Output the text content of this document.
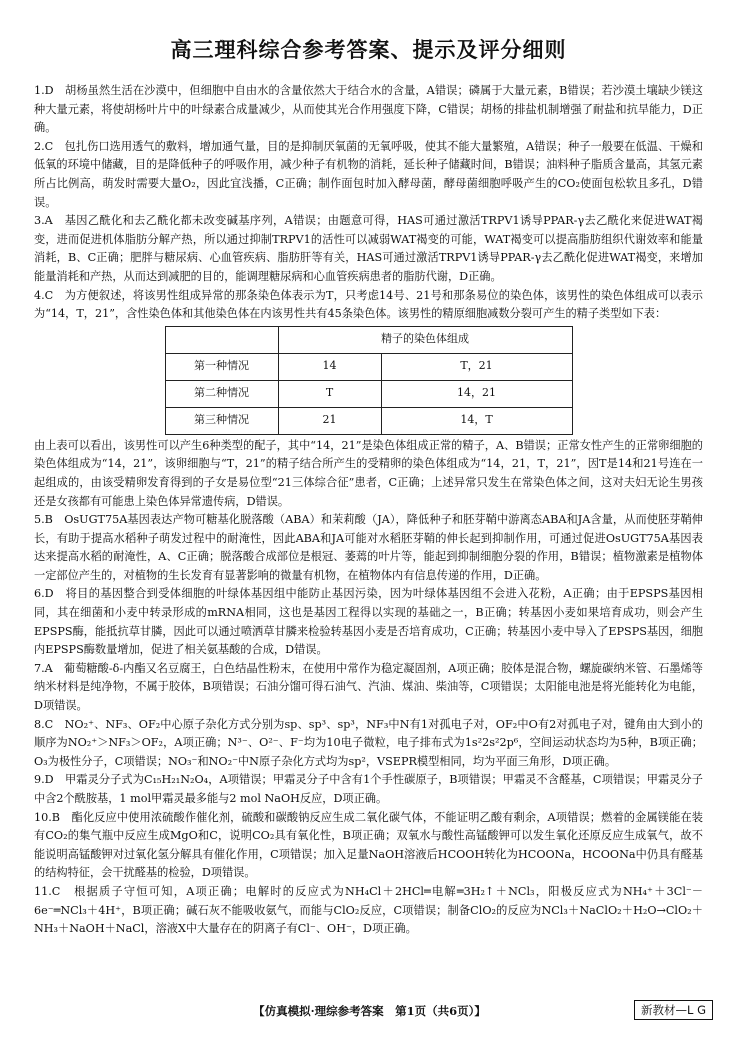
高三理科综合参考答案、提示及评分细则

1.D　胡杨虽然生活在沙漠中，但细胞中自由水的含量依然大于结合水的含量，A错误；磷属于大量元素，B错误；若沙漠土壤缺少镁这种大量元素，将使胡杨叶片中的叶绿素合成量减少，从而使其光合作用强度下降，C错误；胡杨的排盐机制增强了耐盐和抗旱能力，D正确。

2.C　包扎伤口选用透气的敷料，增加通气量，目的是抑制厌氧菌的无氧呼吸，使其不能大量繁殖，A错误；种子一般要在低温、干燥和低氧的环境中储藏，目的是降低种子的呼吸作用，减少种子有机物的消耗，延长种子储藏时间，B错误；油料种子脂质含量高，其氢元素所占比例高，萌发时需要大量O₂，因此宜浅播，C正确；制作面包时加入酵母菌，酵母菌细胞呼吸产生的CO₂使面包松软且多孔，D错误。

3.A　基因乙酰化和去乙酰化都未改变碱基序列，A错误；由题意可得，HAS可通过激活TRPV1诱导PPAR-γ去乙酰化来促进WAT褐变，进而促进机体脂肪分解产热，所以通过抑制TRPV1的活性可以减弱WAT褐变的可能，WAT褐变可以提高脂肪组织代谢效率和能量消耗，B、C正确；肥胖与糖尿病、心血管疾病、脂肪肝等有关，HAS可通过激活TRPV1诱导PPAR-γ去乙酰化促进WAT褐变，来增加能量消耗和产热，从而达到减肥的目的，能调理糖尿病和心血管疾病患者的脂肪代谢，D正确。

4.C　为方便叙述，将该男性组成异常的那条染色体表示为T，只考虑14号、21号和那条易位的染色体，该男性的染色体组成可以表示为“14，T，21”，含性染色体和其他染色体在内该男性共有45条染色体。该男性的精原细胞减数分裂可产生的精子类型如下表：

	精子的染色体组成	
第一种情况	14	T，21
第二种情况	T	14，21
第三种情况	21	14，T

由上表可以看出，该男性可以产生6种类型的配子，其中“14，21”是染色体组成正常的精子，A、B错误；正常女性产生的正常卵细胞的染色体组成为“14，21”，该卵细胞与“T，21”的精子结合所产生的受精卵的染色体组成为“14，21，T，21”，因T是14和21号连在一起组成的，由该受精卵发育得到的子女是易位型“21三体综合征”患者，C正确；上述异常只发生在常染色体之间，这对夫妇无论生男孩还是女孩都有可能患上染色体异常遗传病，D错误。

5.B　OsUGT75A基因表达产物可糖基化脱落酸（ABA）和茉莉酸（JA），降低种子和胚芽鞘中游离态ABA和JA含量，从而使胚芽鞘伸长，有助于提高水稻种子萌发过程中的耐淹性，因此ABA和JA可能对水稻胚芽鞘的伸长起到抑制作用，可通过促进OsUGT75A基因表达来提高水稻的耐淹性，A、C正确；脱落酸合成部位是根冠、萎蔫的叶片等，能起到抑制细胞分裂的作用，B错误；植物激素是植物体一定部位产生的，对植物的生长发育有显著影响的微量有机物，在植物体内有信息传递的作用，D正确。

6.D　将目的基因整合到受体细胞的叶绿体基因组中能防止基因污染，因为叶绿体基因组不会进入花粉，A正确；由于EPSPS基因相同，其在细菌和小麦中转录形成的mRNA相同，这也是基因工程得以实现的基础之一，B正确；转基因小麦如果培育成功，则会产生EPSPS酶，能抵抗草甘膦，因此可以通过喷洒草甘膦来检验转基因小麦是否培育成功，C正确；转基因小麦中导入了EPSPS基因，细胞内EPSPS酶数量增加，促进了相关氨基酸的合成，D错误。

7.A　葡萄糖酸-δ-内酯又名豆腐王，白色结晶性粉末，在使用中常作为稳定凝固剂，A项正确；胶体是混合物，螺旋碳纳米管、石墨烯等纳米材料是纯净物，不属于胶体，B项错误；石油分馏可得石油气、汽油、煤油、柴油等，C项错误；太阳能电池是将光能转化为电能，D项错误。

8.C　NO₂⁺、NF₃、OF₂中心原子杂化方式分别为sp、sp³、sp³，NF₃中N有1对孤电子对，OF₂中O有2对孤电子对，键角由大到小的顺序为NO₂⁺＞NF₃＞OF₂，A项正确；N³⁻、O²⁻、F⁻均为10电子微粒，电子排布式为1s²2s²2p⁶，空间运动状态均为5种，B项正确；O₃为极性分子，C项错误；NO₃⁻和NO₂⁻中N原子杂化方式均为sp²，VSEPR模型相同，均为平面三角形，D项正确。

9.D　甲霜灵分子式为C₁₅H₂₁N₂O₄，A项错误；甲霜灵分子中含有1个手性碳原子，B项错误；甲霜灵不含醛基，C项错误；甲霜灵分子中含2个酰胺基，1 mol甲霜灵最多能与2 mol NaOH反应，D项正确。

10.B　酯化反应中使用浓硫酸作催化剂，硫酸和碳酸钠反应生成二氧化碳气体，不能证明乙酸有剩余，A项错误；燃着的金属镁能在装有CO₂的集气瓶中反应生成MgO和C，说明CO₂具有氧化性，B项正确；双氧水与酸性高锰酸钾可以发生氧化还原反应生成氧气，故不能说明高锰酸钾对过氧化氢分解具有催化作用，C项错误；加入足量NaOH溶液后HCOOH转化为HCOONa，HCOONa中仍具有醛基的结构特征，会干扰醛基的检验，D项错误。

11.C　根据质子守恒可知，A项正确；电解时的反应式为NH₄Cl＋2HCl═电解═3H₂↑＋NCl₃，阳极反应式为NH₄⁺＋3Cl⁻－6e⁻═NCl₃＋4H⁺，B项正确；碱石灰不能吸收氨气，而能与ClO₂反应，C项错误；制备ClO₂的反应为NCl₃＋NaClO₂＋H₂O→ClO₂＋NH₃＋NaOH＋NaCl，溶液X中大量存在的阴离子有Cl⁻、OH⁻，D项正确。

【仿真模拟·理综参考答案　第1页（共6页）】	新教材—L G
